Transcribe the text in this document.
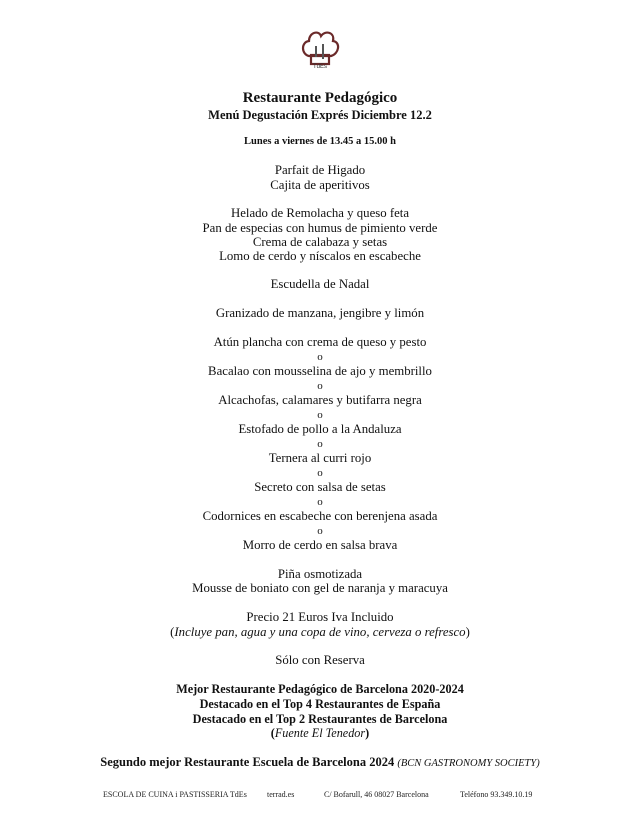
TdEs
Restaurante Pedagógico
Menú Degustación Exprés Diciembre 12.2
Lunes a viernes de 13.45 a 15.00 h
Parfait de Higado
Cajita de aperitivos
Helado de Remolacha y queso feta
Pan de especias con humus de pimiento verde
Crema de calabaza y setas
Lomo de cerdo y níscalos en escabeche
Escudella de Nadal
Granizado de manzana, jengibre y limón
Atún plancha con crema de queso y pesto
o
Bacalao con mousselina de ajo y membrillo
o
Alcachofas, calamares y butifarra negra
o
Estofado de pollo a la Andaluza
o
Ternera al curri rojo
o
Secreto con salsa de setas
o
Codornices en escabeche con berenjena asada
o
Morro de cerdo en salsa brava
Piña osmotizada
Mousse de boniato con gel de naranja y maracuya
Precio 21 Euros Iva Incluido
(Incluye pan, agua y una copa de vino, cerveza o refresco)
Sólo con Reserva
Mejor Restaurante Pedagógico de Barcelona 2020-2024
Destacado en el Top 4 Restaurantes de España
Destacado en el Top 2 Restaurantes de Barcelona
(Fuente El Tenedor)
Segundo mejor Restaurante Escuela de Barcelona 2024 (BCN GASTRONOMY SOCIETY)
ESCOLA DE CUINA i PASTISSERIA TdEs	terrad.es	C/ Bofarull, 46 08027 Barcelona	Teléfono 93.349.10.19
